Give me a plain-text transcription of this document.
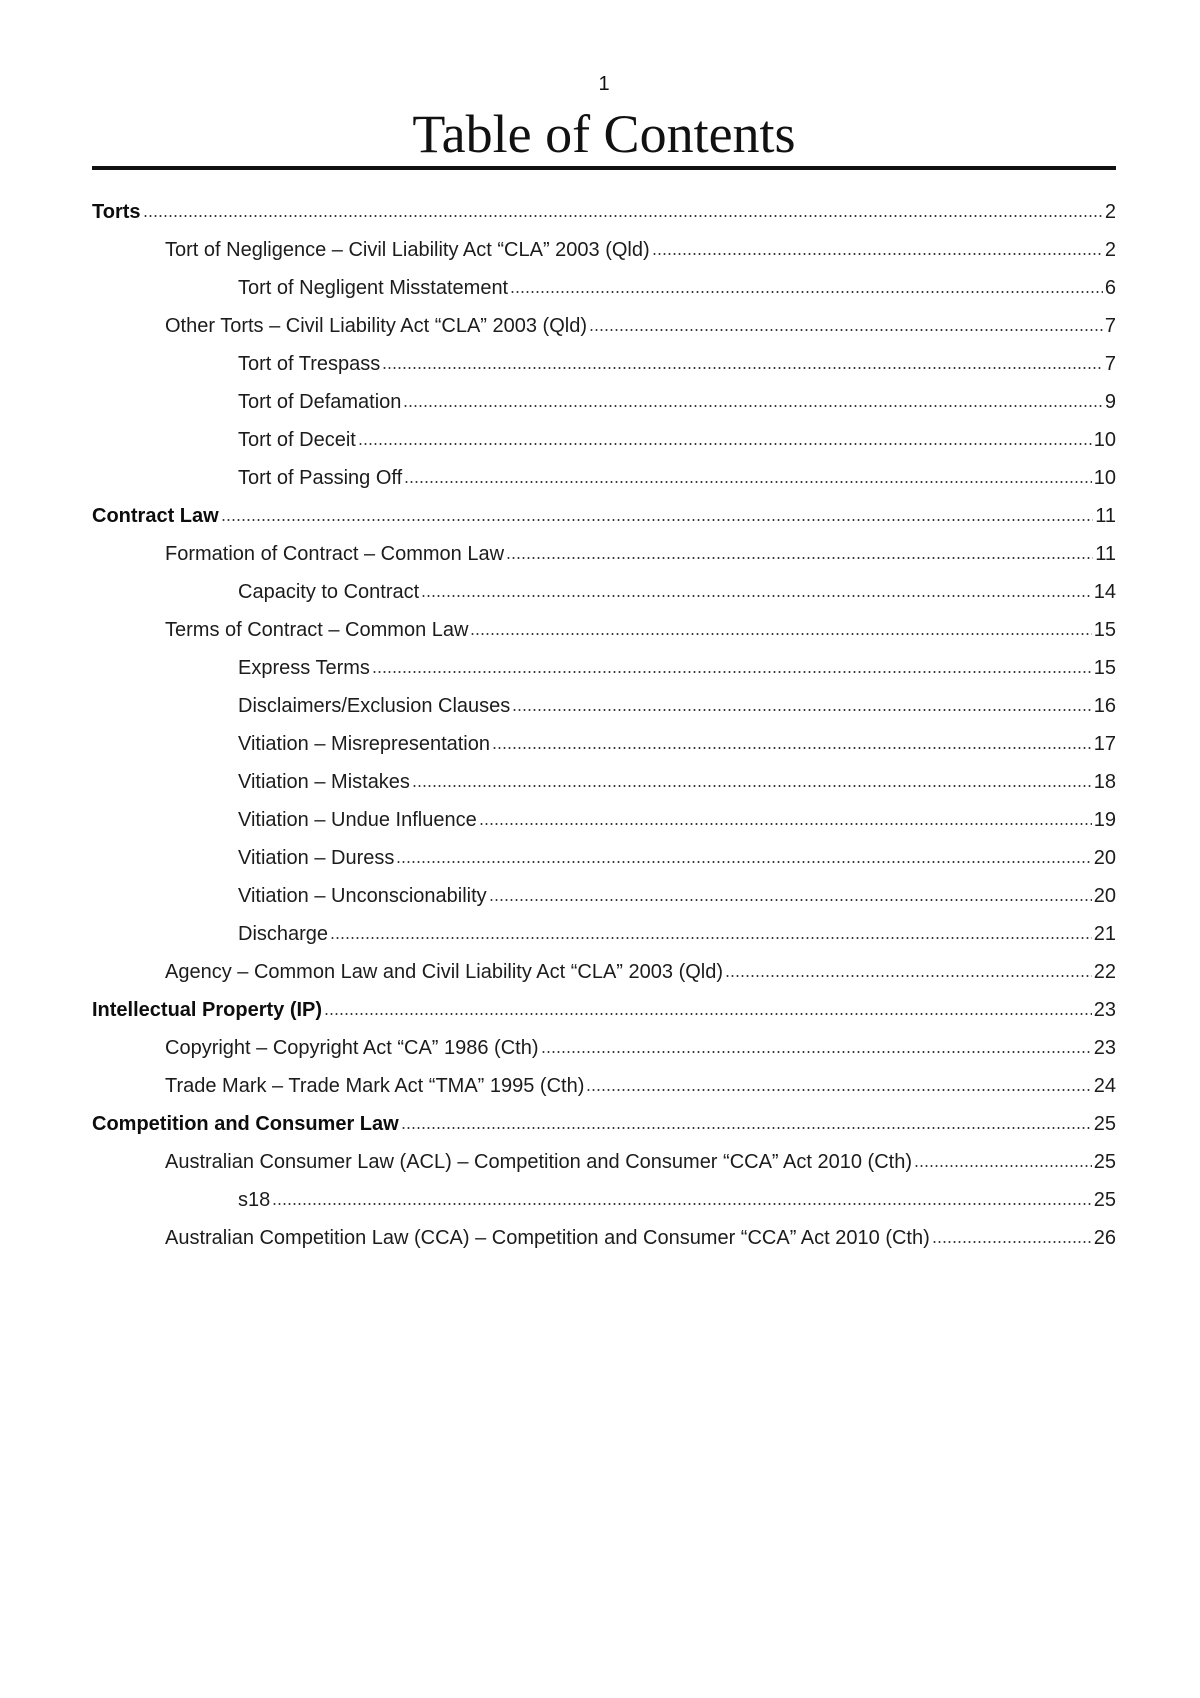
1
Table of Contents
Torts	2
Tort of Negligence – Civil Liability Act “CLA” 2003 (Qld)	2
Tort of Negligent Misstatement	6
Other Torts – Civil Liability Act “CLA” 2003 (Qld)	7
Tort of Trespass	7
Tort of Defamation	9
Tort of Deceit	10
Tort of Passing Off	10
Contract Law	11
Formation of Contract – Common Law	11
Capacity to Contract	14
Terms of Contract – Common Law	15
Express Terms	15
Disclaimers/Exclusion Clauses	16
Vitiation – Misrepresentation	17
Vitiation – Mistakes	18
Vitiation – Undue Influence	19
Vitiation – Duress	20
Vitiation – Unconscionability	20
Discharge	21
Agency – Common Law and Civil Liability Act “CLA” 2003 (Qld)	22
Intellectual Property (IP)	23
Copyright – Copyright Act “CA” 1986 (Cth)	23
Trade Mark – Trade Mark Act “TMA” 1995 (Cth)	24
Competition and Consumer Law	25
Australian Consumer Law (ACL) – Competition and Consumer “CCA” Act 2010 (Cth)	25
s18	25
Australian Competition Law (CCA) – Competition and Consumer “CCA” Act 2010 (Cth)	26
